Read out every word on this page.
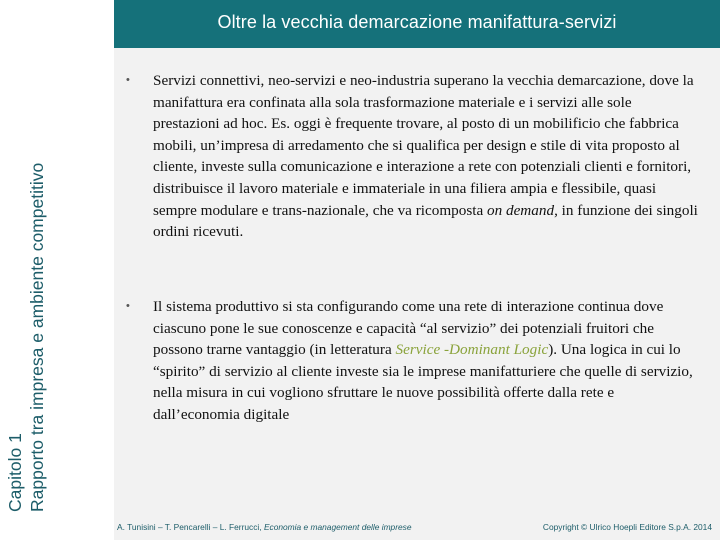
Capitolo 1 Rapporto tra impresa e ambiente competitivo
Oltre la vecchia demarcazione manifattura-servizi
•	Servizi connettivi, neo-servizi e neo-industria superano la vecchia demarcazione, dove la manifattura era confinata alla sola trasformazione materiale e i servizi alle sole prestazioni ad hoc. Es. oggi è frequente trovare, al posto di un mobilificio che fabbrica mobili, un’impresa di arredamento che si qualifica per design e stile di vita proposto al cliente, investe sulla comunicazione e interazione a rete con potenziali clienti e fornitori, distribuisce il lavoro materiale e immateriale in una filiera ampia e flessibile, quasi sempre modulare e trans-nazionale, che va ricomposta on demand, in funzione dei singoli ordini ricevuti.
•	Il sistema produttivo si sta configurando come una rete di interazione continua dove ciascuno pone le sue conoscenze e capacità “al servizio” dei potenziali fruitori che possono trarne vantaggio (in letteratura Service -Dominant Logic). Una logica in cui lo “spirito” di servizio al cliente investe sia le imprese manifatturiere che quelle di servizio, nella misura in cui vogliono sfruttare le nuove possibilità offerte dalla rete e dall’economia digitale
A. Tunisini – T. Pencarelli – L. Ferrucci, Economia e management delle imprese	Copyright © Ulrico Hoepli Editore S.p.A. 2014
